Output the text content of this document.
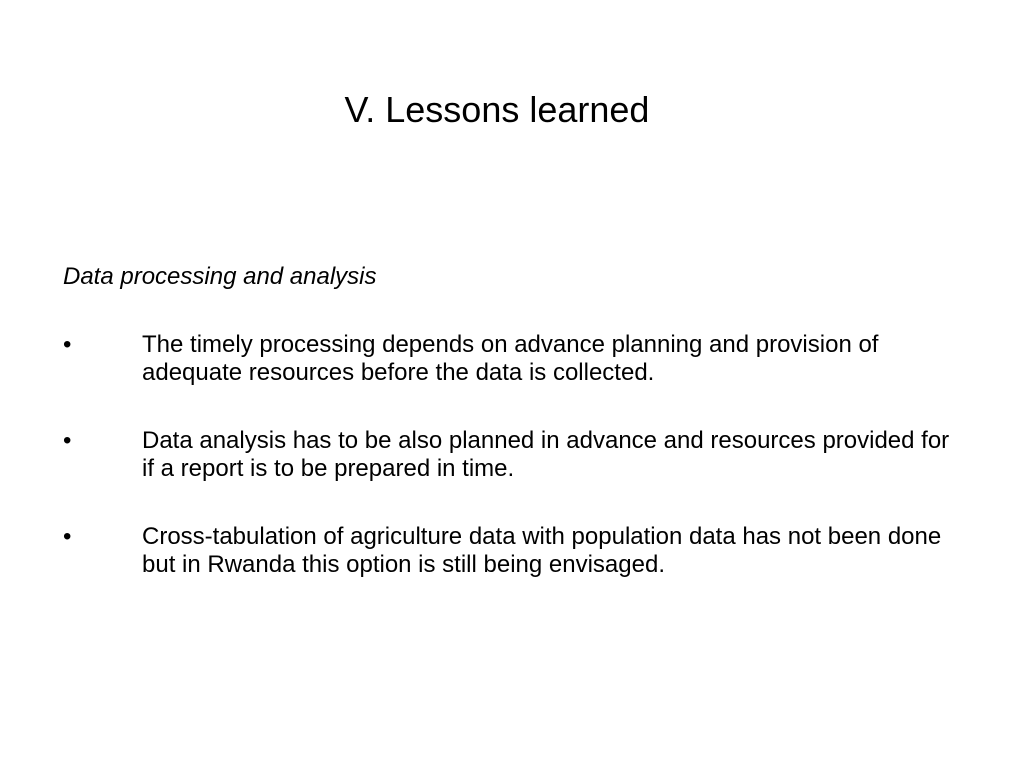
V. Lessons learned

Data processing and analysis

•	The timely processing depends on advance planning and provision of adequate resources before the data is collected.
•	Data analysis has to be also planned in advance and resources provided for if a report is to be prepared in time.
•	Cross-tabulation of agriculture data with population data has not been done but in Rwanda this option is still being envisaged.
